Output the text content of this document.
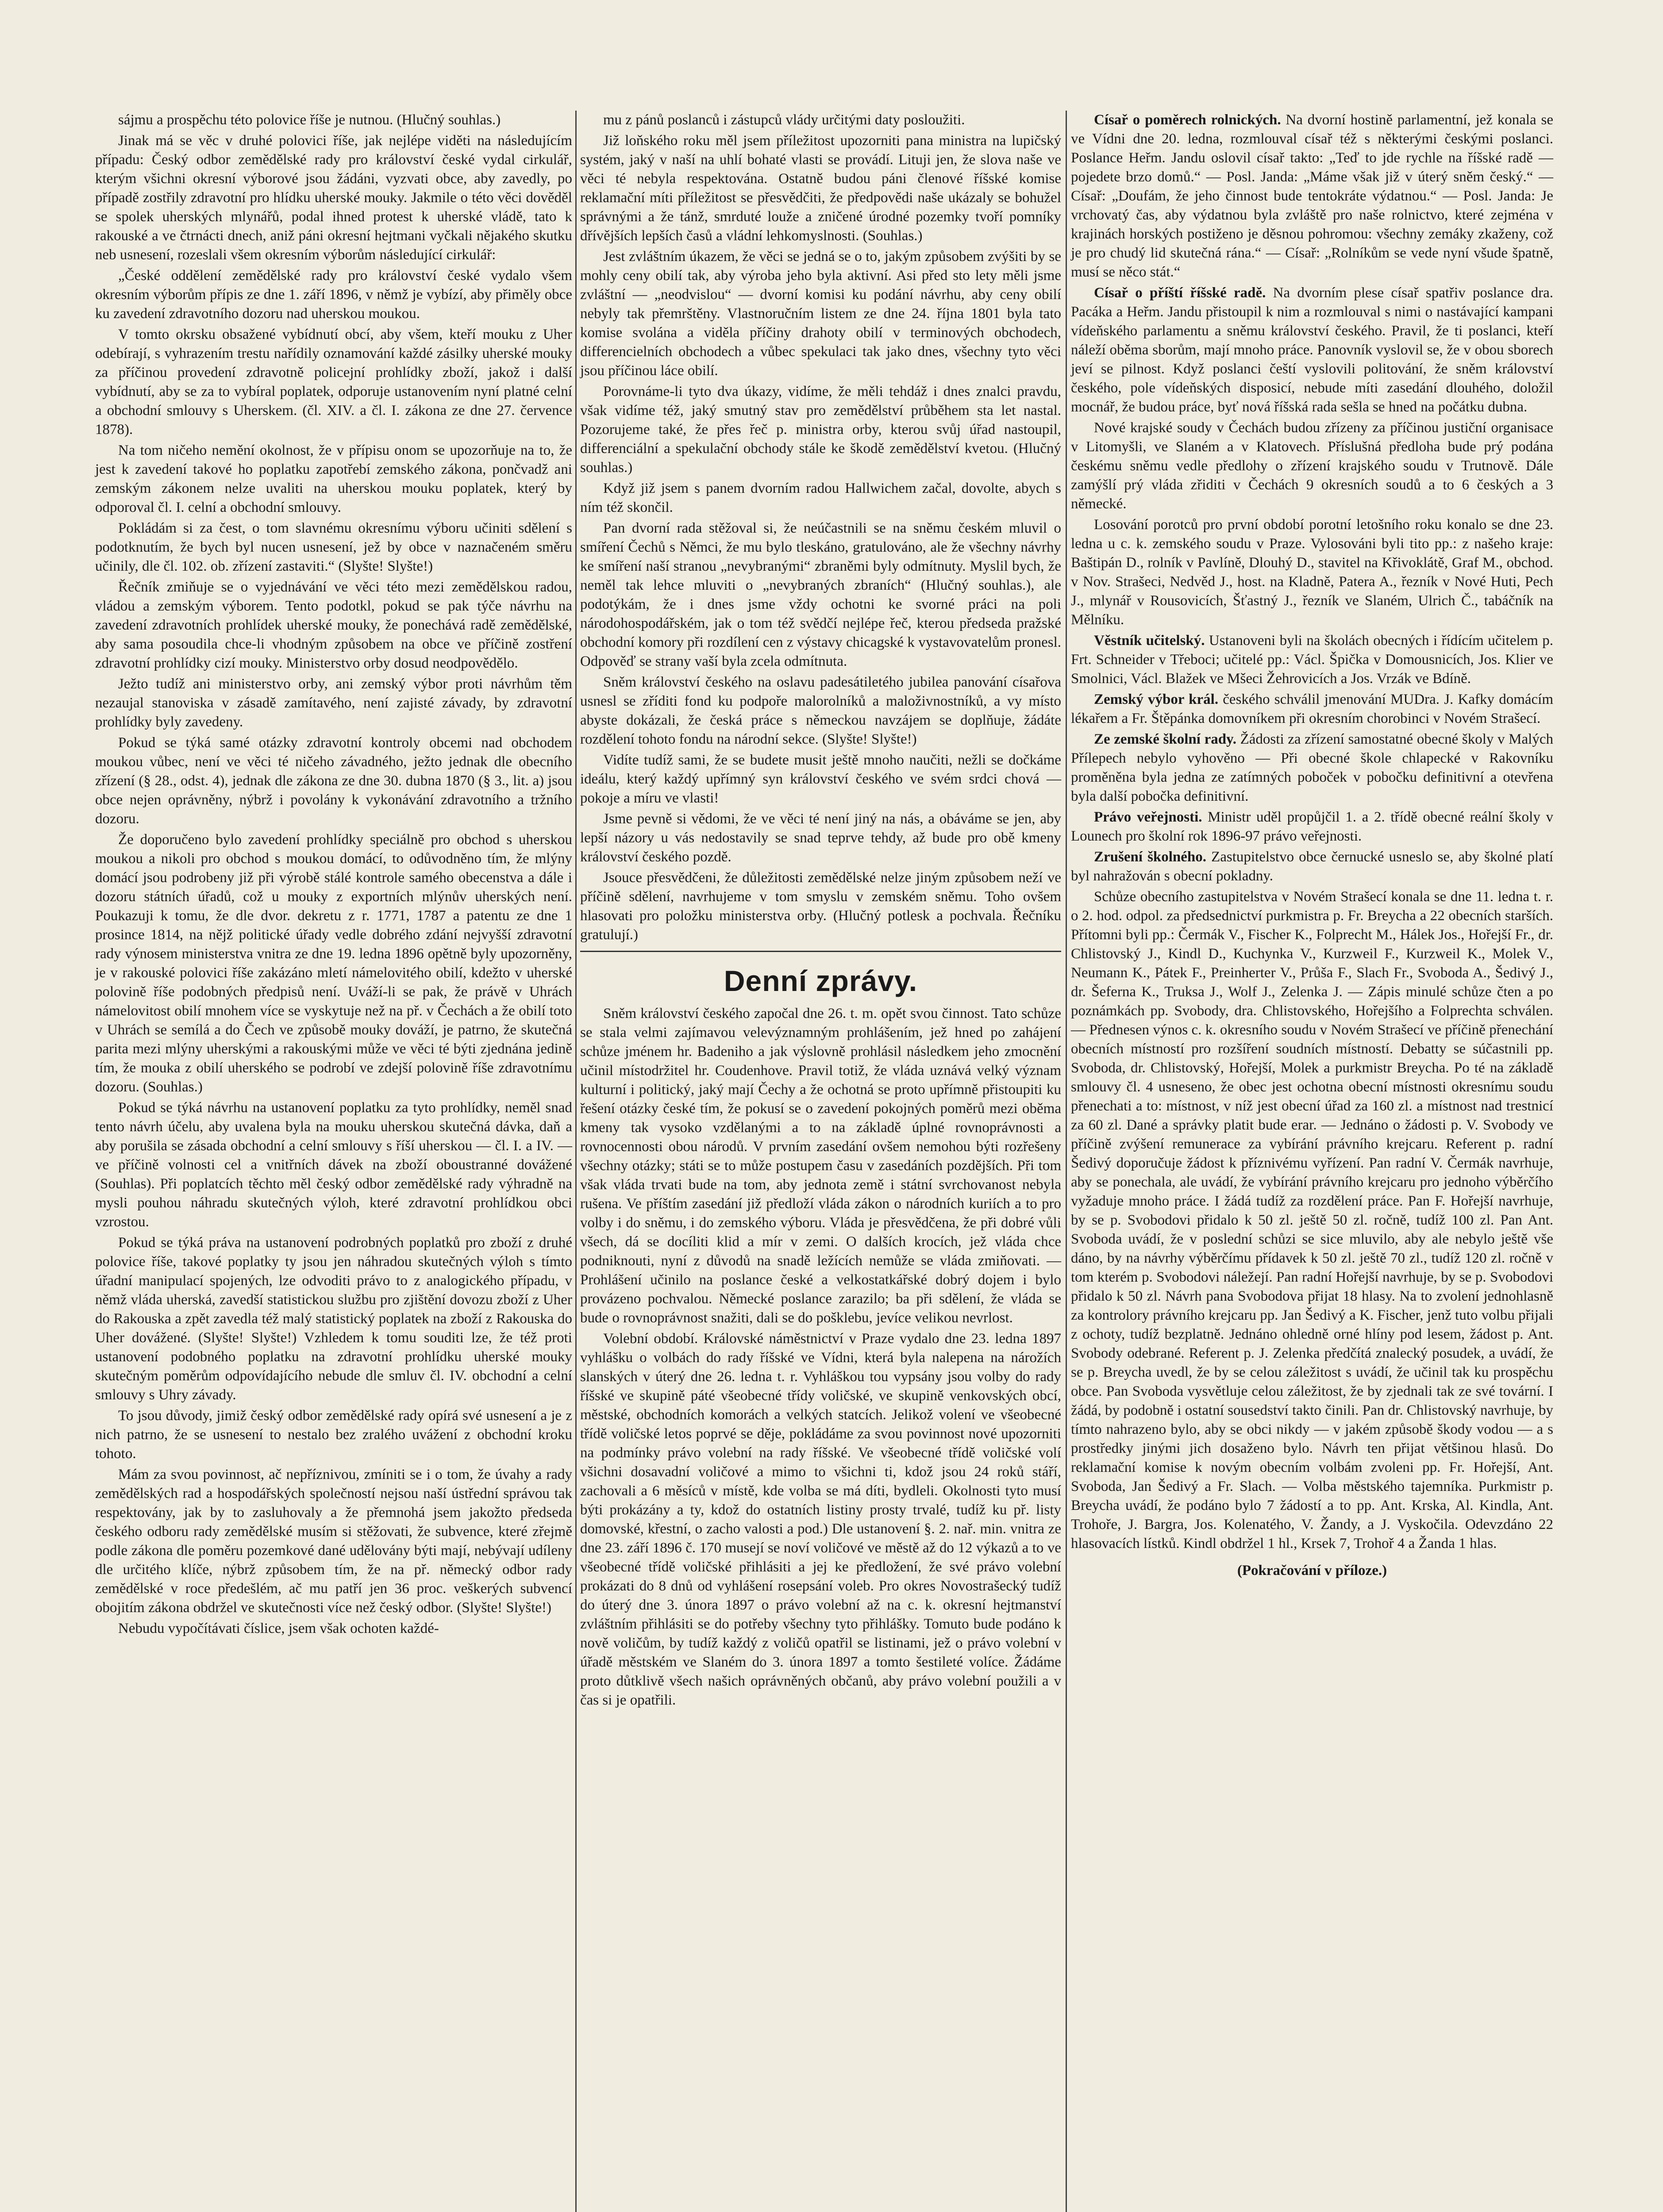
sájmu a prospěchu této polovice říše je nutnou. (Hlučný souhlas.)

Jinak má se věc v druhé polovici říše, jak nejlépe viděti na následujícím případu: Český odbor zemědělské rady pro království české vydal cirkulář, kterým všichni okresní výborové jsou žádáni, vyzvati obce, aby zavedly, po případě zostřily zdravotní pro hlídku uherské mouky. Jakmile o této věci dověděl se spolek uherských mlynářů, podal ihned protest k uherské vládě, tato k rakouské a ve čtrnácti dnech, aniž páni okresní hejtmani vyčkali nějakého skutku neb usnesení, rozeslali všem okresním výborům následující cirkulář:

„České oddělení zemědělské rady pro království české vydalo všem okresním výborům přípis ze dne 1. září 1896, v němž je vybízí, aby přiměly obce ku zavedení zdravotního dozoru nad uherskou moukou.

V tomto okrsku obsažené vybídnutí obcí, aby všem, kteří mouku z Uher odebírají, s vyhrazením trestu nařídily oznamování každé zásilky uherské mouky za příčinou provedení zdravotně policejní prohlídky zboží, jakož i další vybídnutí, aby se za to vybíral poplatek, odporuje ustanovením nyní platné celní a obchodní smlouvy s Uherskem. (čl. XIV. a čl. I. zákona ze dne 27. července 1878).

Na tom ničeho nemění okolnost, že v přípisu onom se upozorňuje na to, že jest k zavedení takové ho poplatku zapotřebí zemského zákona, pončvadž ani zemským zákonem nelze uvaliti na uherskou mouku poplatek, který by odporoval čl. I. celní a obchodní smlouvy.

Pokládám si za čest, o tom slavnému okresnímu výboru učiniti sdělení s podotknutím, že bych byl nucen usnesení, jež by obce v naznačeném směru učinily, dle čl. 102. ob. zřízení zastaviti.“ (Slyšte! Slyšte!)

Řečník zmiňuje se o vyjednávání ve věci této mezi zemědělskou radou, vládou a zemským výborem. Tento podotkl, pokud se pak týče návrhu na zavedení zdravotních prohlídek uherské mouky, že ponechává radě zemědělské, aby sama posoudila chce-li vhodným způsobem na obce ve příčině zostření zdravotní prohlídky cizí mouky. Ministerstvo orby dosud neodpovědělo.

Ježto tudíž ani ministerstvo orby, ani zemský výbor proti návrhům těm nezaujal stanoviska v zásadě zamítavého, není zajisté závady, by zdravotní prohlídky byly zavedeny.

Pokud se týká samé otázky zdravotní kontroly obcemi nad obchodem moukou vůbec, není ve věci té ničeho závadného, ježto jednak dle obecního zřízení (§ 28., odst. 4), jednak dle zákona ze dne 30. dubna 1870 (§ 3., lit. a) jsou obce nejen oprávněny, nýbrž i povolány k vykonávání zdravotního a tržního dozoru.

Že doporučeno bylo zavedení prohlídky speciálně pro obchod s uherskou moukou a nikoli pro obchod s moukou domácí, to odůvodněno tím, že mlýny domácí jsou podrobeny již při výrobě stálé kontrole samého obecenstva a dále i dozoru státních úřadů, což u mouky z exportních mlýnův uherských není. Poukazuji k tomu, že dle dvor. dekretu z r. 1771, 1787 a patentu ze dne 1 prosince 1814, na nějž politické úřady vedle dobrého zdání nejvyšší zdravotní rady výnosem ministerstva vnitra ze dne 19. ledna 1896 opětně byly upozorněny, je v rakouské polovici říše zakázáno mletí námelovitého obilí, kdežto v uherské polovině říše podobných předpisů není. Uváží-li se pak, že právě v Uhrách námelovitost obilí mnohem více se vyskytuje než na př. v Čechách a že obilí toto v Uhrách se semílá a do Čech ve způsobě mouky dováží, je patrno, že skutečná parita mezi mlýny uherskými a rakouskými může ve věci té býti zjednána jedině tím, že mouka z obilí uherského se podrobí ve zdejší polovině říše zdravotnímu dozoru. (Souhlas.)

Pokud se týká návrhu na ustanovení poplatku za tyto prohlídky, neměl snad tento návrh účelu, aby uvalena byla na mouku uherskou skutečná dávka, daň a aby porušila se zásada obchodní a celní smlouvy s říší uherskou — čl. I. a IV. — ve příčině volnosti cel a vnitřních dávek na zboží oboustranné dovážené (Souhlas). Při poplatcích těchto měl český odbor zemědělské rady výhradně na mysli pouhou náhradu skutečných výloh, které zdravotní prohlídkou obci vzrostou.

Pokud se týká práva na ustanovení podrobných poplatků pro zboží z druhé polovice říše, takové poplatky ty jsou jen náhradou skutečných výloh s tímto úřadní manipulací spojených, lze odvoditi právo to z analogického případu, v němž vláda uherská, zavedší statistickou službu pro zjištění dovozu zboží z Uher do Rakouska a zpět zavedla též malý statistický poplatek na zboží z Rakouska do Uher dovážené. (Slyšte! Slyšte!) Vzhledem k tomu souditi lze, že též proti ustanovení podobného poplatku na zdravotní prohlídku uherské mouky skutečným poměrům odpovídajícího nebude dle smluv čl. IV. obchodní a celní smlouvy s Uhry závady.

To jsou důvody, jimiž český odbor zemědělské rady opírá své usnesení a je z nich patrno, že se usnesení to nestalo bez zralého uvážení z obchodní kroku tohoto.

Mám za svou povinnost, ač nepříznivou, zmíniti se i o tom, že úvahy a rady zemědělských rad a hospodářských společností nejsou naší ústřední správou tak respektovány, jak by to zasluhovaly a že přemnohá jsem jakožto předseda českého odboru rady zemědělské musím si stěžovati, že subvence, které zřejmě podle zákona dle poměru pozemkové dané udělovány býti mají, nebývají udíleny dle určitého klíče, nýbrž způsobem tím, že na př. německý odbor rady zemědělské v roce předešlém, ač mu patří jen 36 proc. veškerých subvencí obojitím zákona obdržel ve skutečnosti více než český odbor. (Slyšte! Slyšte!)

Nebudu vypočítávati číslice, jsem však ochoten každé-

mu z pánů poslanců i zástupců vlády určitými daty posloužiti.

Již loňského roku měl jsem příležitost upozorniti pana ministra na lupičský systém, jaký v naší na uhlí bohaté vlasti se provádí. Lituji jen, že slova naše ve věci té nebyla respektována. Ostatně budou páni členové říšské komise reklamační míti příležitost se přesvědčiti, že předpovědi naše ukázaly se bohužel správnými a že tánž, smrduté louže a zničené úrodné pozemky tvoří pomníky dřívějších lepších časů a vládní lehkomyslnosti. (Souhlas.)

Jest zvláštním úkazem, že věci se jedná se o to, jakým způsobem zvýšiti by se mohly ceny obilí tak, aby výroba jeho byla aktivní. Asi před sto lety měli jsme zvláštní — „neodvislou“ — dvorní komisi ku podání návrhu, aby ceny obilí nebyly tak přemrštěny. Vlastnoručním listem ze dne 24. října 1801 byla tato komise svolána a viděla příčiny drahoty obilí v terminových obchodech, differencielních obchodech a vůbec spekulaci tak jako dnes, všechny tyto věci jsou příčinou láce obilí.

Porovnáme-li tyto dva úkazy, vidíme, že měli tehdáž i dnes znalci pravdu, však vidíme též, jaký smutný stav pro zemědělství průběhem sta let nastal. Pozorujeme také, že přes řeč p. ministra orby, kterou svůj úřad nastoupil, differenciální a spekulační obchody stále ke škodě zemědělství kvetou. (Hlučný souhlas.)

Když již jsem s panem dvorním radou Hallwichem začal, dovolte, abych s ním též skončil.

Pan dvorní rada stěžoval si, že neúčastnili se na sněmu českém mluvil o smíření Čechů s Němci, že mu bylo tleskáno, gratulováno, ale že všechny návrhy ke smíření naší stranou „nevybranými“ zbraněmi byly odmítnuty. Myslil bych, že neměl tak lehce mluviti o „nevybraných zbraních“ (Hlučný souhlas.), ale podotýkám, že i dnes jsme vždy ochotni ke svorné práci na poli národohospodářském, jak o tom též svědčí nejlépe řeč, kterou předseda pražské obchodní komory při rozdílení cen z výstavy chicagské k vystavovatelům pronesl. Odpověď se strany vaší byla zcela odmítnuta.

Sněm království českého na oslavu padesátiletého jubilea panování císařova usnesl se zříditi fond ku podpoře malorolníků a maloživnostníků, a vy místo abyste dokázali, že česká práce s německou navzájem se doplňuje, žádáte rozdělení tohoto fondu na národní sekce. (Slyšte! Slyšte!)

Vidíte tudíž sami, že se budete musit ještě mnoho naučiti, nežli se dočkáme ideálu, který každý upřímný syn království českého ve svém srdci chová — pokoje a míru ve vlasti!

Jsme pevně si vědomi, že ve věci té není jiný na nás, a obáváme se jen, aby lepší názory u vás nedostavily se snad teprve tehdy, až bude pro obě kmeny království českého pozdě.

Jsouce přesvědčeni, že důležitosti zemědělské nelze jiným způsobem neží ve příčině sdělení, navrhujeme v tom smyslu v zemském sněmu. Toho ovšem hlasovati pro položku ministerstva orby. (Hlučný potlesk a pochvala. Řečníku gratulují.)

Denní zprávy.

Sněm království českého započal dne 26. t. m. opět svou činnost. Tato schůze se stala velmi zajímavou velevýznamným prohlášením, jež hned po zahájení schůze jménem hr. Badeniho a jak výslovně prohlásil následkem jeho zmocnění učinil místodržitel hr. Coudenhove. Pravil totiž, že vláda uznává velký význam kulturní i politický, jaký mají Čechy a že ochotná se proto upřímně přistoupiti ku řešení otázky české tím, že pokusí se o zavedení pokojných poměrů mezi oběma kmeny tak vysoko vzdělanými a to na základě úplné rovnoprávnosti a rovnocennosti obou národů. V prvním zasedání ovšem nemohou býti rozřešeny všechny otázky; státi se to může postupem času v zasedáních pozdějších. Při tom však vláda trvati bude na tom, aby jednota země i státní svrchovanost nebyla rušena. Ve příštím zasedání již předloží vláda zákon o národních kuriích a to pro volby i do sněmu, i do zemského výboru. Vláda je přesvědčena, že při dobré vůli všech, dá se docíliti klid a mír v zemi. O dalších krocích, jež vláda chce podniknouti, nyní z důvodů na snadě ležících nemůže se vláda zmiňovati. — Prohlášení učinilo na poslance české a velkostatkářské dobrý dojem i bylo provázeno pochvalou. Německé poslance zarazilo; ba při sdělení, že vláda se bude o rovnoprávnost snažiti, dali se do pošklebu, jevíce velikou nevrlost.

Volební období. Královské náměstnictví v Praze vydalo dne 23. ledna 1897 vyhlášku o volbách do rady říšské ve Vídni, která byla nalepena na nárožích slanských v úterý dne 26. ledna t. r. Vyhláškou tou vypsány jsou volby do rady říšské ve skupině páté všeobecné třídy voličské, ve skupině venkovských obcí, městské, obchodních komorách a velkých statcích. Jelikož volení ve všeobecné třídě voličské letos poprvé se děje, pokládáme za svou povinnost nové upozorniti na podmínky právo volební na rady říšské. Ve všeobecné třídě voličské volí všichni dosavadní voličové a mimo to všichni ti, kdož jsou 24 roků stáří, zachovali a 6 měsíců v místě, kde volba se má díti, bydleli. Okolnosti tyto musí býti prokázány a ty, kdož do ostatních listiny prosty trvalé, tudíž ku př. listy domovské, křestní, o zacho valosti a pod.) Dle ustanovení §. 2. nař. min. vnitra ze dne 23. září 1896 č. 170 musejí se noví voličové ve městě až do 12 výkazů a to ve všeobecné třídě voličské přihlásiti a jej ke předložení, že své právo volební prokázati do 8 dnů od vyhlášení rosepsání voleb. Pro okres Novostrašecký tudíž do úterý dne 3. února 1897 o právo volební až na c. k. okresní hejtmanství zvláštním přihlásiti se do potřeby všechny tyto přihlášky. Tomuto bude podáno k nově voličům, by tudíž každý z voličů opatřil se listinami, jež o právo volební v úřadě městském ve Slaném do 3. února 1897 a tomto šestileté volíce. Žádáme proto důtklivě všech našich oprávněných občanů, aby právo volební použili a v čas si je opatřili.

Císař o poměrech rolnických. Na dvorní hostině parlamentní, jež konala se ve Vídni dne 20. ledna, rozmlouval císař též s některými českými poslanci. Poslance Heřm. Jandu oslovil císař takto: „Teď to jde rychle na říšské radě — pojedete brzo domů.“ — Posl. Janda: „Máme však již v úterý sněm český.“ — Císař: „Doufám, že jeho činnost bude tentokráte výdatnou.“ — Posl. Janda: Je vrchovatý čas, aby výdatnou byla zvláště pro naše rolnictvo, které zejména v krajinách horských postiženo je děsnou pohromou: všechny zemáky zkaženy, což je pro chudý lid skutečná rána.“ — Císař: „Rolníkům se vede nyní všude špatně, musí se něco stát.“

Císař o příští říšské radě. Na dvorním plese císař spatřiv poslance dra. Pacáka a Heřm. Jandu přistoupil k nim a rozmlouval s nimi o nastávající kampani vídeňského parlamentu a sněmu království českého. Pravil, že ti poslanci, kteří náleží oběma sborům, mají mnoho práce. Panovník vyslovil se, že v obou sborech jeví se pilnost. Když poslanci čeští vyslovili politování, že sněm království českého, pole vídeňských disposicí, nebude míti zasedání dlouhého, doložil mocnář, že budou práce, byť nová říšská rada sešla se hned na počátku dubna.

Nové krajské soudy v Čechách budou zřízeny za příčinou justiční organisace v Litomyšli, ve Slaném a v Klatovech. Příslušná předloha bude prý podána českému sněmu vedle předlohy o zřízení krajského soudu v Trutnově. Dále zamýšlí prý vláda zřiditi v Čechách 9 okresních soudů a to 6 českých a 3 německé.

Losování porotců pro první období porotní letošního roku konalo se dne 23. ledna u c. k. zemského soudu v Praze. Vylosováni byli tito pp.: z našeho kraje: Baštipán D., rolník v Pavlíně, Dlouhý D., stavitel na Křivoklátě, Graf M., obchod. v Nov. Strašeci, Nedvěd J., host. na Kladně, Patera A., řezník v Nové Huti, Pech J., mlynář v Rousovicích, Šťastný J., řezník ve Slaném, Ulrich Č., tabáčník na Mělníku.

Věstník učitelský. Ustanoveni byli na školách obecných i řídícím učitelem p. Frt. Schneider v Třeboci; učitelé pp.: Václ. Špička v Domousnicích, Jos. Klier ve Smolnici, Václ. Blažek ve Mšeci Žehrovicích a Jos. Vrzák ve Bdíně.

Zemský výbor král. českého schválil jmenování MUDra. J. Kafky domácím lékařem a Fr. Štěpánka domovníkem při okresním chorobinci v Novém Strašecí.

Ze zemské školní rady. Žádosti za zřízení samostatné obecné školy v Malých Přílepech nebylo vyhověno — Při obecné škole chlapecké v Rakovníku proměněna byla jedna ze zatímných poboček v pobočku definitivní a otevřena byla další pobočka definitivní.

Právo veřejnosti. Ministr uděl propůjčil 1. a 2. třídě obecné reální školy v Lounech pro školní rok 1896-97 právo veřejnosti.

Zrušení školného. Zastupitelstvo obce černucké usneslo se, aby školné platí byl nahražován s obecní pokladny.

Schůze obecního zastupitelstva v Novém Strašecí konala se dne 11. ledna t. r. o 2. hod. odpol. za předsednictví purkmistra p. Fr. Breycha a 22 obecních starších. Přítomni byli pp.: Čermák V., Fischer K., Folprecht M., Hálek Jos., Hořejší Fr., dr. Chlistovský J., Kindl D., Kuchynka V., Kurzweil F., Kurzweil K., Molek V., Neumann K., Pátek F., Preinherter V., Průša F., Slach Fr., Svoboda A., Šedivý J., dr. Šeferna K., Truksa J., Wolf J., Zelenka J. — Zápis minulé schůze čten a po poznámkách pp. Svobody, dra. Chlistovského, Hořejšího a Folprechta schválen. — Přednesen výnos c. k. okresního soudu v Novém Strašecí ve příčině přenechání obecních místností pro rozšíření soudních místností. Debatty se súčastnili pp. Svoboda, dr. Chlistovský, Hořejší, Molek a purkmistr Breycha. Po té na základě smlouvy čl. 4 usneseno, že obec jest ochotna obecní místnosti okresnímu soudu přenechati a to: místnost, v níž jest obecní úřad za 160 zl. a místnost nad trestnicí za 60 zl. Dané a správky platit bude erar. — Jednáno o žádosti p. V. Svobody ve příčině zvýšení remunerace za vybírání právního krejcaru. Referent p. radní Šedivý doporučuje žádost k příznivému vyřízení. Pan radní V. Čermák navrhuje, aby se ponechala, ale uvádí, že vybírání právního krejcaru pro jednoho výběrčího vyžaduje mnoho práce. I žádá tudíž za rozdělení práce. Pan F. Hořejší navrhuje, by se p. Svobodovi přidalo k 50 zl. ještě 50 zl. ročně, tudíž 100 zl. Pan Ant. Svoboda uvádí, že v poslední schůzi se sice mluvilo, aby ale nebylo ještě vše dáno, by na návrhy výběrčímu přídavek k 50 zl. ještě 70 zl., tudíž 120 zl. ročně v tom kterém p. Svobodovi náležejí. Pan radní Hořejší navrhuje, by se p. Svobodovi přidalo k 50 zl. Návrh pana Svobodova přijat 18 hlasy. Na to zvolení jednohlasně za kontrolory právního krejcaru pp. Jan Šedivý a K. Fischer, jenž tuto volbu přijali z ochoty, tudíž bezplatně. Jednáno ohledně orné hlíny pod lesem, žádost p. Ant. Svobody odebrané. Referent p. J. Zelenka předčítá znalecký posudek, a uvádí, že se p. Breycha uvedl, že by se celou záležitost s uvádí, že učinil tak ku prospěchu obce. Pan Svoboda vysvětluje celou záležitost, že by zjednali tak ze své tovární. I žádá, by podobně i ostatní sousedství takto činili. Pan dr. Chlistovský navrhuje, by tímto nahrazeno bylo, aby se obci nikdy — v jakém způsobě škody vodou — a s prostředky jinými jich dosaženo bylo. Návrh ten přijat většinou hlasů. Do reklamační komise k novým obecním volbám zvoleni pp. Fr. Hořejší, Ant. Svoboda, Jan Šedivý a Fr. Slach. — Volba městského tajemníka. Purkmistr p. Breycha uvádí, že podáno bylo 7 žádostí a to pp. Ant. Krska, Al. Kindla, Ant. Trohoře, J. Bargra, Jos. Kolenatého, V. Žandy, a J. Vyskočila. Odevzdáno 22 hlasovacích lístků. Kindl obdržel 1 hl., Krsek 7, Trohoř 4 a Žanda 1 hlas.

(Pokračování v příloze.)
